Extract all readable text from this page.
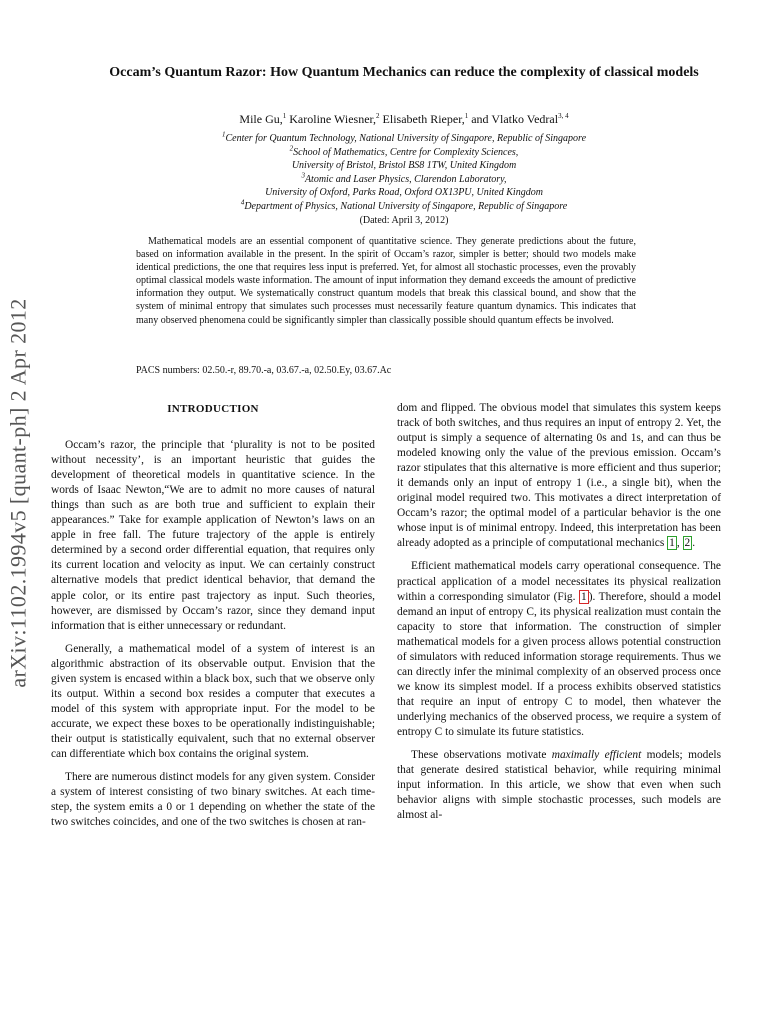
arXiv:1102.1994v5 [quant-ph] 2 Apr 2012
Occam’s Quantum Razor: How Quantum Mechanics can reduce the complexity of classical models
Mile Gu,$^1$ Karoline Wiesner,$^2$ Elisabeth Rieper,$^1$ and Vlatko Vedral$^{3, 4}$
$^1$Center for Quantum Technology, National University of Singapore, Republic of Singapore
$^2$School of Mathematics, Centre for Complexity Sciences,
University of Bristol, Bristol BS8 1TW, United Kingdom
$^3$Atomic and Laser Physics, Clarendon Laboratory,
University of Oxford, Parks Road, Oxford OX13PU, United Kingdom
$^4$Department of Physics, National University of Singapore, Republic of Singapore
(Dated: April 3, 2012)

Mathematical models are an essential component of quantitative science. They generate predictions about the future, based on information available in the present. In the spirit of Occam’s razor, simpler is better; should two models make identical predictions, the one that requires less input is preferred. Yet, for almost all stochastic processes, even the provably optimal classical models waste information. The amount of input information they demand exceeds the amount of predictive information they output. We systematically construct quantum models that break this classical bound, and show that the system of minimal entropy that simulates such processes must necessarily feature quantum dynamics. This indicates that many observed phenomena could be significantly simpler than classically possible should quantum effects be involved.

PACS numbers: 02.50.-r, 89.70.-a, 03.67.-a, 02.50.Ey, 03.67.Ac
INTRODUCTION

Occam’s razor, the principle that ‘plurality is not to be posited without necessity’, is an important heuristic that guides the development of theoretical models in quantitative science. In the words of Isaac Newton,“We are to admit no more causes of natural things than such as are both true and sufficient to explain their appearances.” Take for example application of Newton’s laws on an apple in free fall. The future trajectory of the apple is entirely determined by a second order differential equation, that requires only its current location and velocity as input. We can certainly construct alternative models that predict identical behavior, that demand the apple color, or its entire past trajectory as input. Such theories, however, are dismissed by Occam’s razor, since they demand input information that is either unnecessary or redundant.

Generally, a mathematical model of a system of interest is an algorithmic abstraction of its observable output. Envision that the given system is encased within a black box, such that we observe only its output. Within a second box resides a computer that executes a model of this system with appropriate input. For the model to be accurate, we expect these boxes to be operationally indistinguishable; their output is statistically equivalent, such that no external observer can differentiate which box contains the original system.

There are numerous distinct models for any given system. Consider a system of interest consisting of two binary switches. At each time-step, the system emits a 0 or 1 depending on whether the state of the two switches coincides, and one of the two switches is chosen at ran-

dom and flipped. The obvious model that simulates this system keeps track of both switches, and thus requires an input of entropy 2. Yet, the output is simply a sequence of alternating 0s and 1s, and can thus be modeled knowing only the value of the previous emission. Occam’s razor stipulates that this alternative is more efficient and thus superior; it demands only an input of entropy 1 (i.e., a single bit), when the original model required two. This motivates a direct interpretation of Occam’s razor; the optimal model of a particular behavior is the one whose input is of minimal entropy. Indeed, this interpretation has been already adopted as a principle of computational mechanics 1 , 2 .

Efficient mathematical models carry operational consequence. The practical application of a model necessitates its physical realization within a corresponding simulator (Fig. 1 ). Therefore, should a model demand an input of entropy C, its physical realization must contain the capacity to store that information. The construction of simpler mathematical models for a given process allows potential construction of simulators with reduced information storage requirements. Thus we can directly infer the minimal complexity of an observed process once we know its simplest model. If a process exhibits observed statistics that require an input of entropy C to model, then whatever the underlying mechanics of the observed process, we require a system of entropy C to simulate its future statistics.

These observations motivate maximally efficient models; models that generate desired statistical behavior, while requiring minimal input information. In this article, we show that even when such behavior aligns with simple stochastic processes, such models are almost al-
